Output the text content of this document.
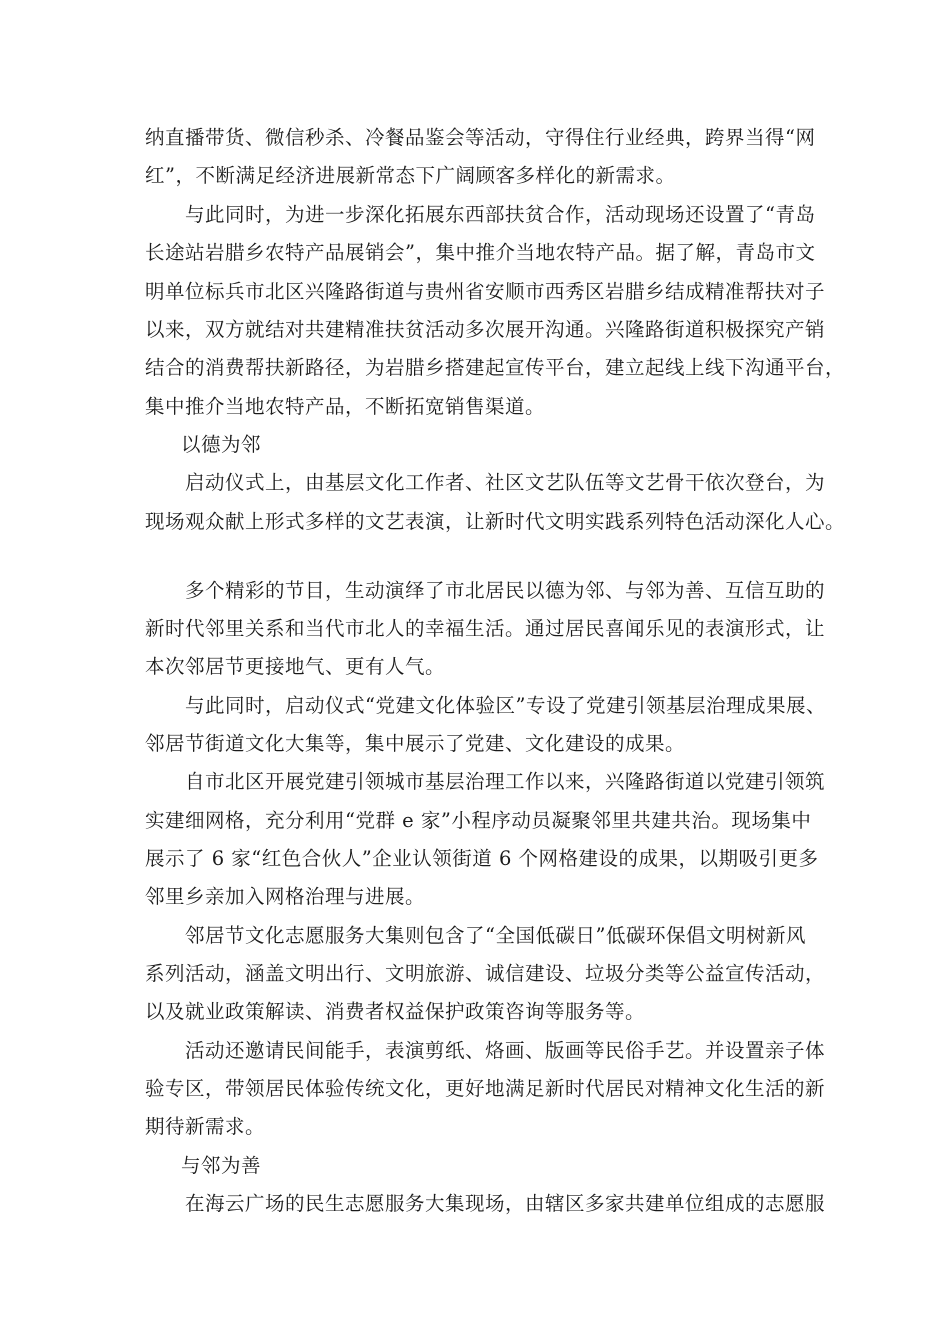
纳直播带货、微信秒杀、冷餐品鉴会等活动，守得住行业经典，跨界当得“网

红”，不断满足经济进展新常态下广阔顾客多样化的新需求。

与此同时，为进一步深化拓展东西部扶贫合作，活动现场还设置了“青岛

长途站岩腊乡农特产品展销会”，集中推介当地农特产品。据了解，青岛市文

明单位标兵市北区兴隆路街道与贵州省安顺市西秀区岩腊乡结成精准帮扶对子

以来，双方就结对共建精准扶贫活动多次展开沟通。兴隆路街道积极探究产销

结合的消费帮扶新路径，为岩腊乡搭建起宣传平台，建立起线上线下沟通平台，

集中推介当地农特产品，不断拓宽销售渠道。

以德为邻

启动仪式上，由基层文化工作者、社区文艺队伍等文艺骨干依次登台，为

现场观众献上形式多样的文艺表演，让新时代文明实践系列特色活动深化人心。

多个精彩的节目，生动演绎了市北居民以德为邻、与邻为善、互信互助的

新时代邻里关系和当代市北人的幸福生活。通过居民喜闻乐见的表演形式，让

本次邻居节更接地气、更有人气。

与此同时，启动仪式“党建文化体验区”专设了党建引领基层治理成果展、

邻居节街道文化大集等，集中展示了党建、文化建设的成果。

自市北区开展党建引领城市基层治理工作以来，兴隆路街道以党建引领筑

实建细网格，充分利用“党群 e 家”小程序动员凝聚邻里共建共治。现场集中

展示了 6 家“红色合伙人”企业认领街道 6 个网格建设的成果，以期吸引更多

邻里乡亲加入网格治理与进展。

邻居节文化志愿服务大集则包含了“全国低碳日”低碳环保倡文明树新风

系列活动，涵盖文明出行、文明旅游、诚信建设、垃圾分类等公益宣传活动，

以及就业政策解读、消费者权益保护政策咨询等服务等。

活动还邀请民间能手，表演剪纸、烙画、版画等民俗手艺。并设置亲子体

验专区，带领居民体验传统文化，更好地满足新时代居民对精神文化生活的新

期待新需求。

与邻为善

在海云广场的民生志愿服务大集现场，由辖区多家共建单位组成的志愿服
